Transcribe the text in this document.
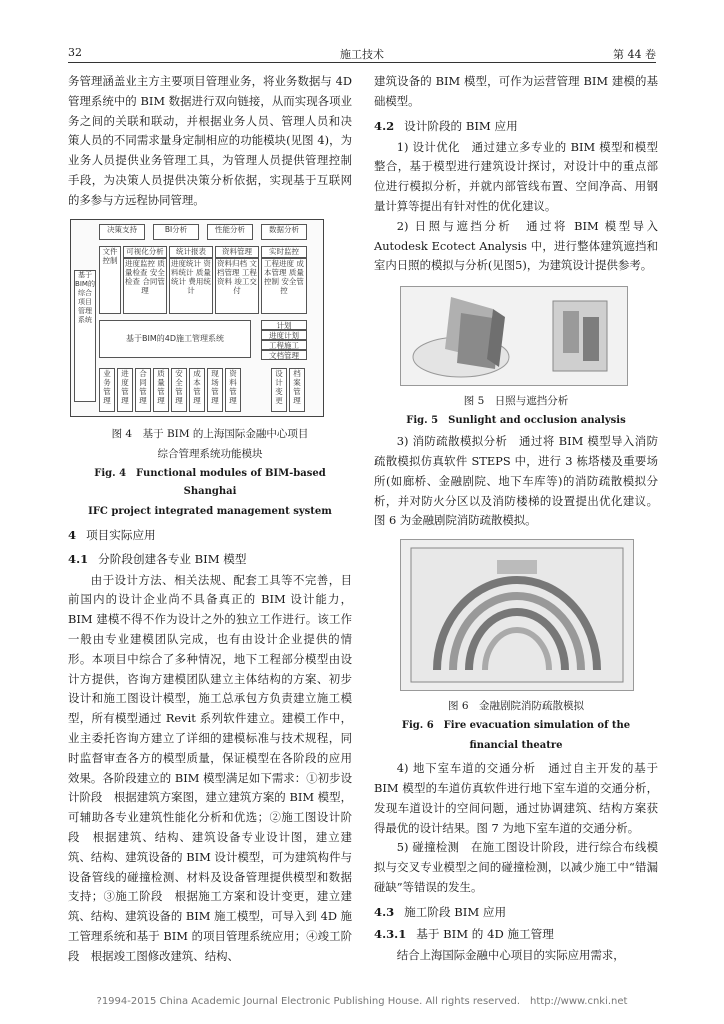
32	施工技术	第 44 卷

务管理涵盖业主方主要项目管理业务，将业务数据与 4D 管理系统中的 BIM 数据进行双向链接，从而实现各项业务之间的关联和联动，并根据业务人员、管理人员和决策人员的不同需求量身定制相应的功能模块(见图 4)，为业务人员提供业务管理工具，为管理人员提供管理控制手段，为决策人员提供决策分析依据，实现基于互联网的多参与方远程协同管理。

基于BIM的综合项目管理系统
决策支持	BI分析	性能分析	数据分析
文件控制
可视化分析
进度监控 质量检查 安全检查 合同管理
统计报表
进度统计 资料统计 质量统计 费用统计
资料管理
资料归档 文档管理 工程资料 竣工交付
实时监控
工程进度 成本管理 质量控制 安全管控
基于BIM的4D施工管理系统
计划
进度计划
工程施工
文档管理
业务管理
进度管理
合同管理
质量管理
安全管理
成本管理
现场管理
资料管理
设计变更
档案管理

图 4　基于 BIM 的上海国际金融中心项目

综合管理系统功能模块

Fig. 4　Functional modules of BIM-based Shanghai

IFC project integrated management system

4 项目实际应用
4.1 分阶段创建各专业 BIM 模型

由于设计方法、相关法规、配套工具等不完善，目前国内的设计企业尚不具备真正的 BIM 设计能力，BIM 建模不得不作为设计之外的独立工作进行。该工作一般由专业建模团队完成，也有由设计企业提供的情形。本项目中综合了多种情况，地下工程部分模型由设计方提供，咨询方建模团队建立主体结构的方案、初步设计和施工图设计模型，施工总承包方负责建立施工模型，所有模型通过 Revit 系列软件建立。建模工作中，业主委托咨询方建立了详细的建模标准与技术规程，同时监督审查各方的模型质量，保证模型在各阶段的应用效果。各阶段建立的 BIM 模型满足如下需求：①初步设计阶段　根据建筑方案图，建立建筑方案的 BIM 模型，可辅助各专业建筑性能化分析和优选；②施工图设计阶段　根据建筑、结构、建筑设备专业设计图，建立建筑、结构、建筑设备的 BIM 设计模型，可为建筑构件与设备管线的碰撞检测、材料及设备管理提供模型和数据支持；③施工阶段　根据施工方案和设计变更，建立建筑、结构、建筑设备的 BIM 施工模型，可导入到 4D 施工管理系统和基于 BIM 的项目管理系统应用；④竣工阶段　根据竣工图修改建筑、结构、

建筑设备的 BIM 模型，可作为运营管理 BIM 建模的基础模型。

4.2 设计阶段的 BIM 应用

1) 设计优化　通过建立多专业的 BIM 模型和模型整合，基于模型进行建筑设计探讨，对设计中的重点部位进行模拟分析，并就内部管线布置、空间净高、用钢量计算等提出有针对性的优化建议。

2) 日照与遮挡分析　通过将 BIM 模型导入 Autodesk Ecotect Analysis 中，进行整体建筑遮挡和室内日照的模拟与分析(见图5)，为建筑设计提供参考。

图 5　日照与遮挡分析

Fig. 5　Sunlight and occlusion analysis

3) 消防疏散模拟分析　通过将 BIM 模型导入消防疏散模拟仿真软件 STEPS 中，进行 3 栋塔楼及重要场所(如廊桥、金融剧院、地下车库等)的消防疏散模拟分析，并对防火分区以及消防楼梯的设置提出优化建议。图 6 为金融剧院消防疏散模拟。

图 6　金融剧院消防疏散模拟

Fig. 6　Fire evacuation simulation of the

financial theatre

4) 地下室车道的交通分析　通过自主开发的基于 BIM 模型的车道仿真软件进行地下室车道的交通分析，发现车道设计的空间问题，通过协调建筑、结构方案获得最优的设计结果。图 7 为地下室车道的交通分析。

5) 碰撞检测　在施工图设计阶段，进行综合布线模拟与交叉专业模型之间的碰撞检测，以减少施工中“错漏碰缺”等错误的发生。

4.3 施工阶段 BIM 应用
4.3.1 基于 BIM 的 4D 施工管理

结合上海国际金融中心项目的实际应用需求，

?1994-2015 China Academic Journal Electronic Publishing House. All rights reserved.　http://www.cnki.net
